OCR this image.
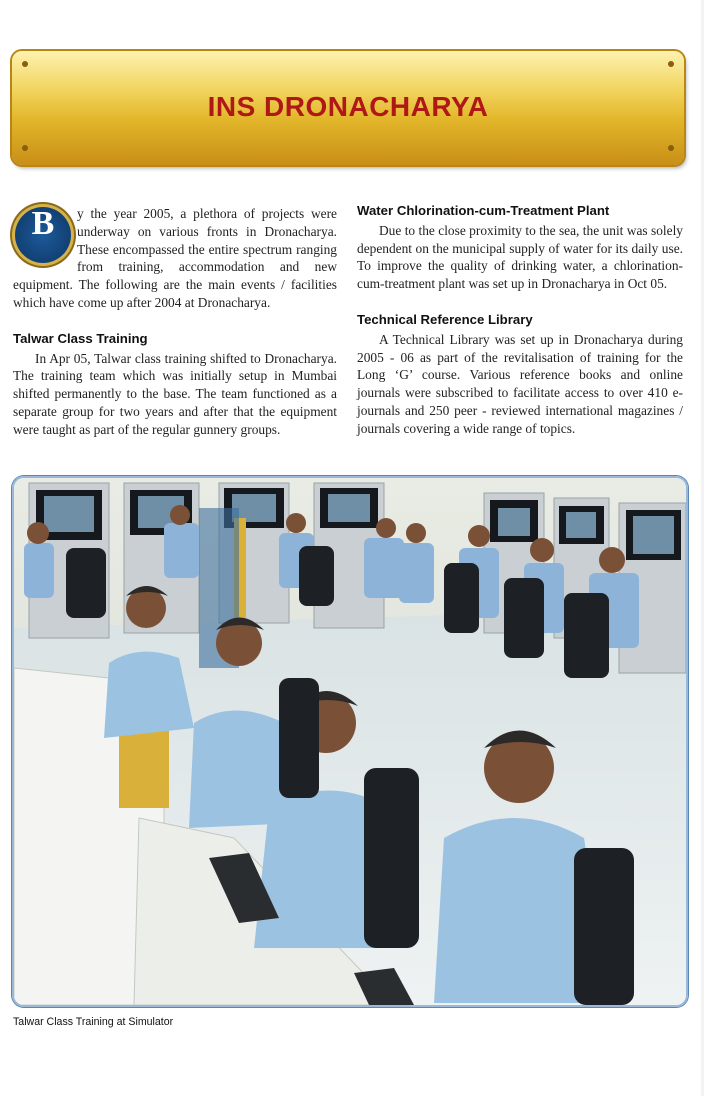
INS DRONACHARYA
B	y the year 2005, a plethora of projects were underway on various fronts in Dronacharya. These encompassed the entire spectrum ranging from training, accommodation and new equipment. The following are the main events / facilities which have come up after 2004 at Dronacharya.

Talwar Class Training

In Apr 05, Talwar class training shifted to Dronacharya. The training team which was initially setup in Mumbai shifted permanently to the base. The team functioned as a separate group for two years and after that the equipment were taught as part of the regular gunnery groups.

Water Chlorination-cum-Treatment Plant

Due to the close proximity to the sea, the unit was solely dependent on the municipal supply of water for its daily use. To improve the quality of drinking water, a chlorination-cum-treatment plant was set up in Dronacharya in Oct 05.

Technical Reference Library

A Technical Library was set up in Dronacharya during 2005 - 06 as part of the revitalisation of training for the Long ‘G’ course. Various reference books and online journals were subscribed to facilitate access to over 410 e-journals and 250 peer - reviewed international magazines / journals covering a wide range of topics.

Talwar Class Training at Simulator
